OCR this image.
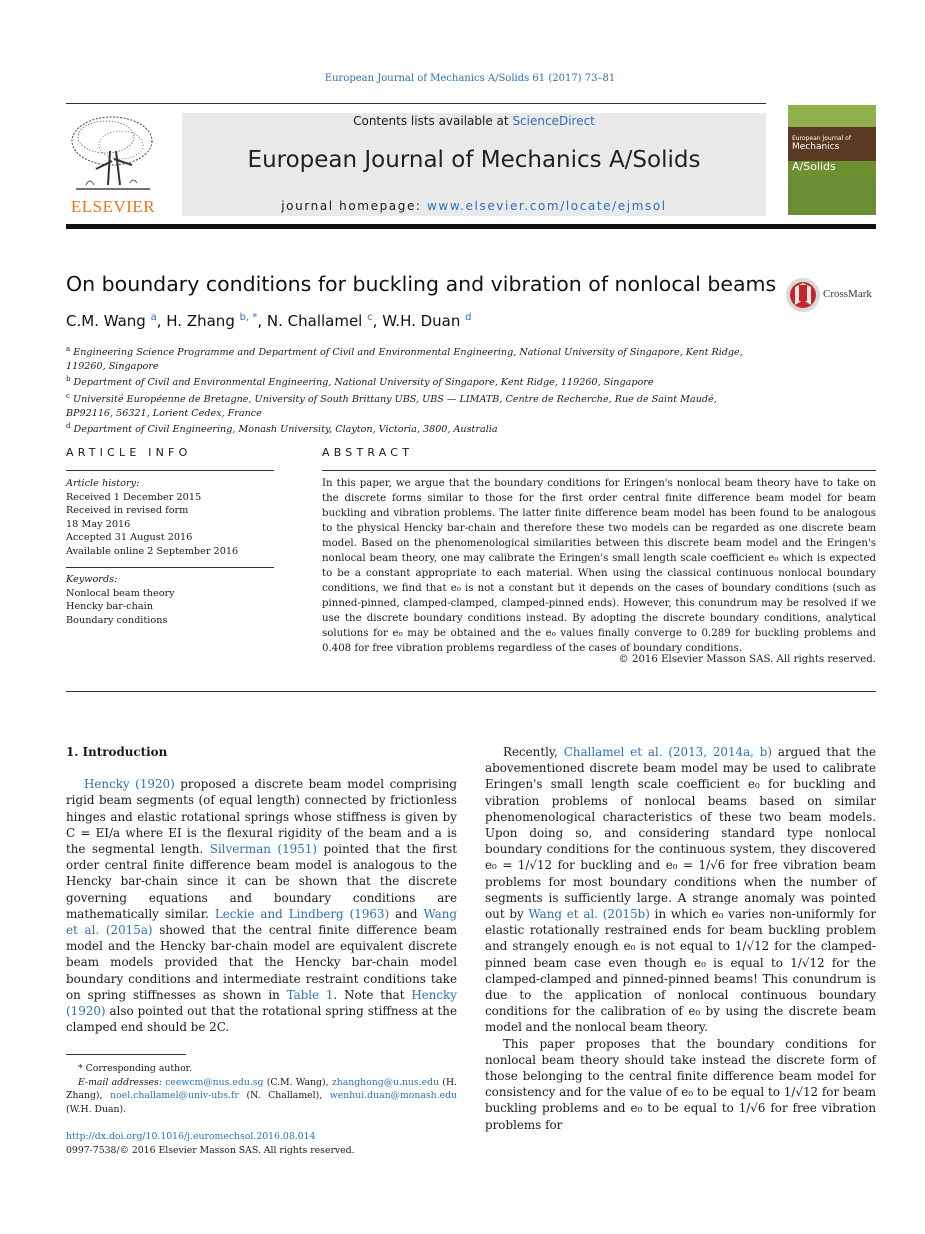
European Journal of Mechanics A/Solids 61 (2017) 73–81
ELSEVIER
Contents lists available at ScienceDirect
European Journal of Mechanics A/Solids
journal homepage: www.elsevier.com/locate/ejmsol
European Journal of
Mechanics
A/Solids
On boundary conditions for buckling and vibration of nonlocal beams	CrossMark
C.M. Wang $^a$, H. Zhang $^{b, *}$, N. Challamel $^c$, W.H. Duan $^d$
$^a$ Engineering Science Programme and Department of Civil and Environmental Engineering, National University of Singapore, Kent Ridge, 119260, Singapore
$^b$ Department of Civil and Environmental Engineering, National University of Singapore, Kent Ridge, 119260, Singapore
$^c$ Université Européenne de Bretagne, University of South Brittany UBS, UBS — LIMATB, Centre de Recherche, Rue de Saint Maudé, BP92116, 56321, Lorient Cedex, France
$^d$ Department of Civil Engineering, Monash University, Clayton, Victoria, 3800, Australia
ARTICLE INFO	ABSTRACT
Article history:
Received 1 December 2015
Received in revised form
18 May 2016
Accepted 31 August 2016
Available online 2 September 2016
Keywords:
Nonlocal beam theory
Hencky bar-chain
Boundary conditions
In this paper, we argue that the boundary conditions for Eringen's nonlocal beam theory have to take on the discrete forms similar to those for the first order central finite difference beam model for beam buckling and vibration problems. The latter finite difference beam model has been found to be analogous to the physical Hencky bar-chain and therefore these two models can be regarded as one discrete beam model. Based on the phenomenological similarities between this discrete beam model and the Eringen's nonlocal beam theory, one may calibrate the Eringen's small length scale coefficient e₀ which is expected to be a constant appropriate to each material. When using the classical continuous nonlocal boundary conditions, we find that e₀ is not a constant but it depends on the cases of boundary conditions (such as pinned-pinned, clamped-clamped, clamped-pinned ends). However, this conundrum may be resolved if we use the discrete boundary conditions instead. By adopting the discrete boundary conditions, analytical solutions for e₀ may be obtained and the e₀ values finally converge to 0.289 for buckling problems and 0.408 for free vibration problems regardless of the cases of boundary conditions.
© 2016 Elsevier Masson SAS. All rights reserved.
1. Introduction

Hencky (1920) proposed a discrete beam model comprising rigid beam segments (of equal length) connected by frictionless hinges and elastic rotational springs whose stiffness is given by C = EI/a where EI is the flexural rigidity of the beam and a is the segmental length. Silverman (1951) pointed that the first order central finite difference beam model is analogous to the Hencky bar-chain since it can be shown that the discrete governing equations and boundary conditions are mathematically similar. Leckie and Lindberg (1963) and Wang et al. (2015a) showed that the central finite difference beam model and the Hencky bar-chain model are equivalent discrete beam models provided that the Hencky bar-chain model boundary conditions and intermediate restraint conditions take on spring stiffnesses as shown in Table 1. Note that Hencky (1920) also pointed out that the rotational spring stiffness at the clamped end should be 2C.

Recently, Challamel et al. (2013, 2014a, b) argued that the abovementioned discrete beam model may be used to calibrate Eringen's small length scale coefficient e₀ for buckling and vibration problems of nonlocal beams based on similar phenomenological characteristics of these two beam models. Upon doing so, and considering standard type nonlocal boundary conditions for the continuous system, they discovered e₀ = 1/√12 for buckling and e₀ = 1/√6 for free vibration beam problems for most boundary conditions when the number of segments is sufficiently large. A strange anomaly was pointed out by Wang et al. (2015b) in which e₀ varies non-uniformly for elastic rotationally restrained ends for beam buckling problem and strangely enough e₀ is not equal to 1/√12 for the clamped-pinned beam case even though e₀ is equal to 1/√12 for the clamped-clamped and pinned-pinned beams! This conundrum is due to the application of nonlocal continuous boundary conditions for the calibration of e₀ by using the discrete beam model and the nonlocal beam theory.

This paper proposes that the boundary conditions for nonlocal beam theory should take instead the discrete form of those belonging to the central finite difference beam model for consistency and for the value of e₀ to be equal to 1/√12 for beam buckling problems and e₀ to be equal to 1/√6 for free vibration problems for

* Corresponding author.
E-mail addresses: ceewcm@nus.edu.sg (C.M. Wang), zhanghong@u.nus.edu (H. Zhang), noel.challamel@univ-ubs.fr (N. Challamel), wenhui.duan@monash.edu (W.H. Duan).
http://dx.doi.org/10.1016/j.euromechsol.2016.08.014
0997-7538/© 2016 Elsevier Masson SAS. All rights reserved.
